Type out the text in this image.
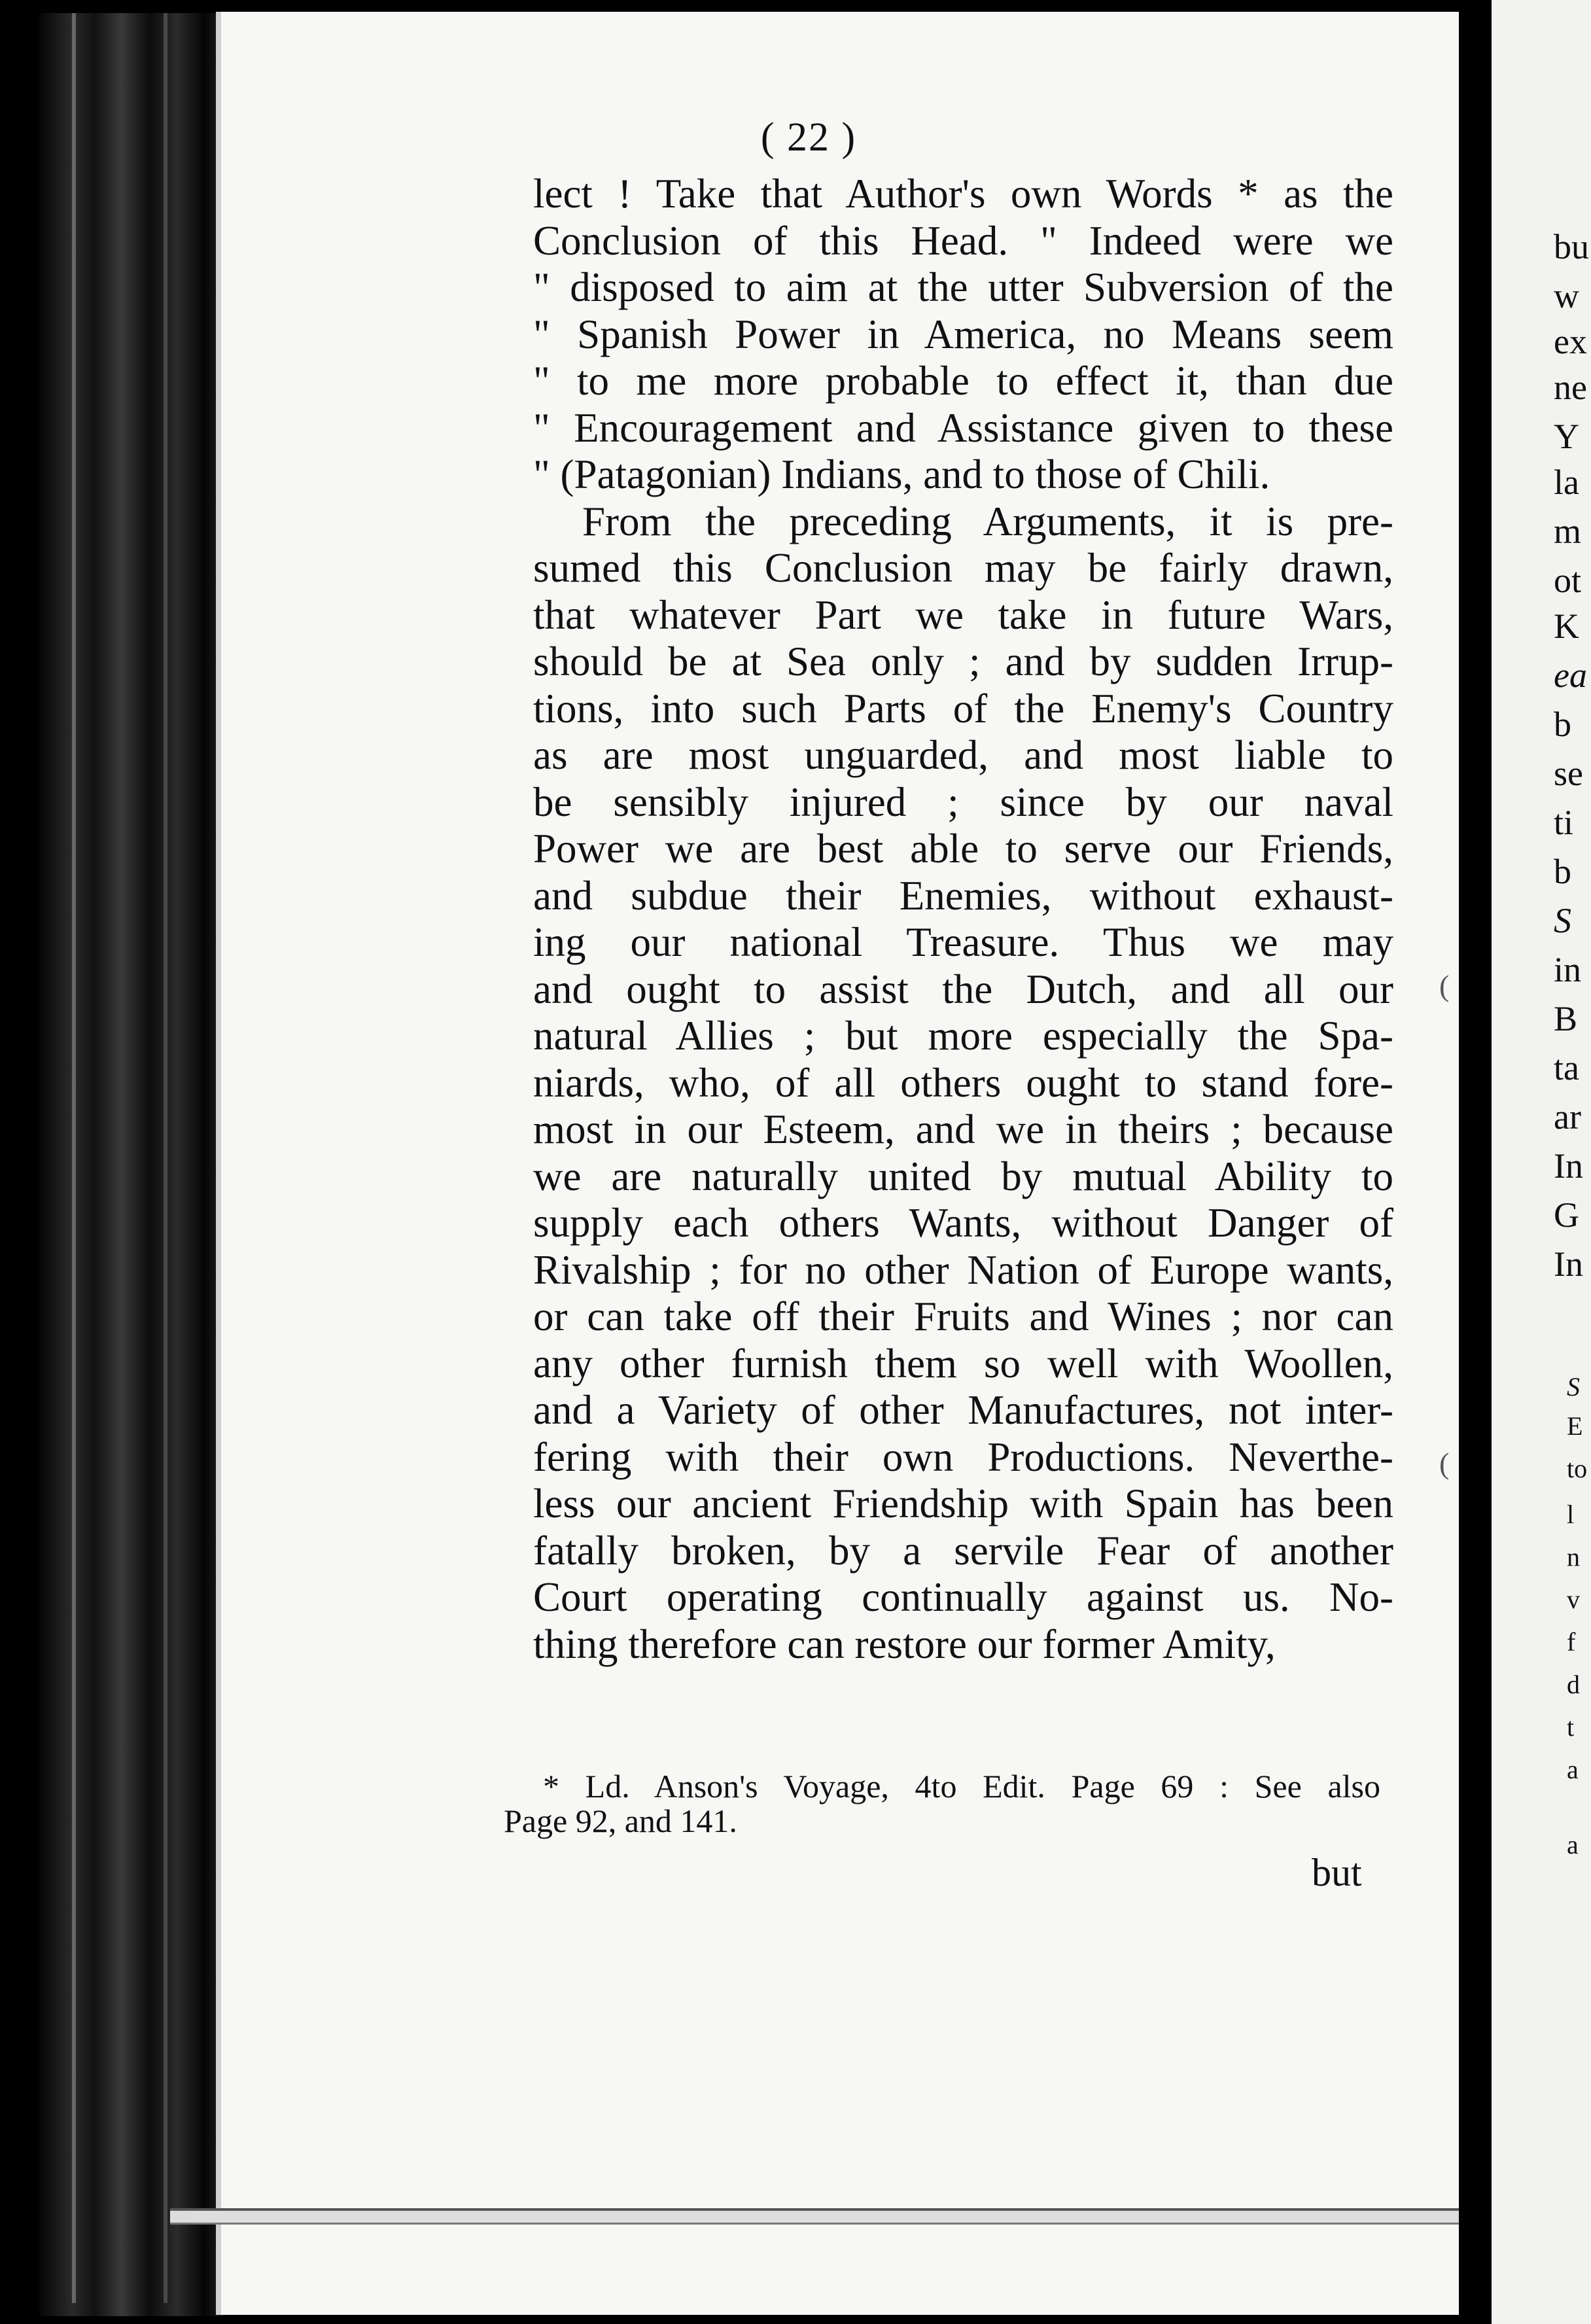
bu
w
ex
ne
Y
la
m
ot
K
ea
b
se
ti
b
S
in
B
ta
ar
In
G
In
S
E
to
l
n
v
f
d
t
a
a
( 22 )
lect ! Take that Author's own Words * as the
Conclusion of this Head. " Indeed were we
" disposed to aim at the utter Subversion of the
" Spanish Power in America, no Means seem
" to me more probable to effect it, than due
" Encouragement and Assistance given to these
" (Patagonian) Indians, and to those of Chili.
From the preceding Arguments, it is pre-
sumed this Conclusion may be fairly drawn,
that whatever Part we take in future Wars,
should be at Sea only ; and by sudden Irrup-
tions, into such Parts of the Enemy's Country
as are most unguarded, and most liable to
be sensibly injured ; since by our naval
Power we are best able to serve our Friends,
and subdue their Enemies, without exhaust-
ing our national Treasure. Thus we may
and ought to assist the Dutch, and all our
natural Allies ; but more especially the Spa-
niards, who, of all others ought to stand fore-
most in our Esteem, and we in theirs ; because
we are naturally united by mutual Ability to
supply each others Wants, without Danger of
Rivalship ; for no other Nation of Europe wants,
or can take off their Fruits and Wines ; nor can
any other furnish them so well with Woollen,
and a Variety of other Manufactures, not inter-
fering with their own Productions. Neverthe-
less our ancient Friendship with Spain has been
fatally broken, by a servile Fear of another
Court operating continually against us. No-
thing therefore can restore our former Amity,
* Ld. Anson's Voyage, 4to Edit. Page 69 : See also
Page 92, and 141.
but
(
(
